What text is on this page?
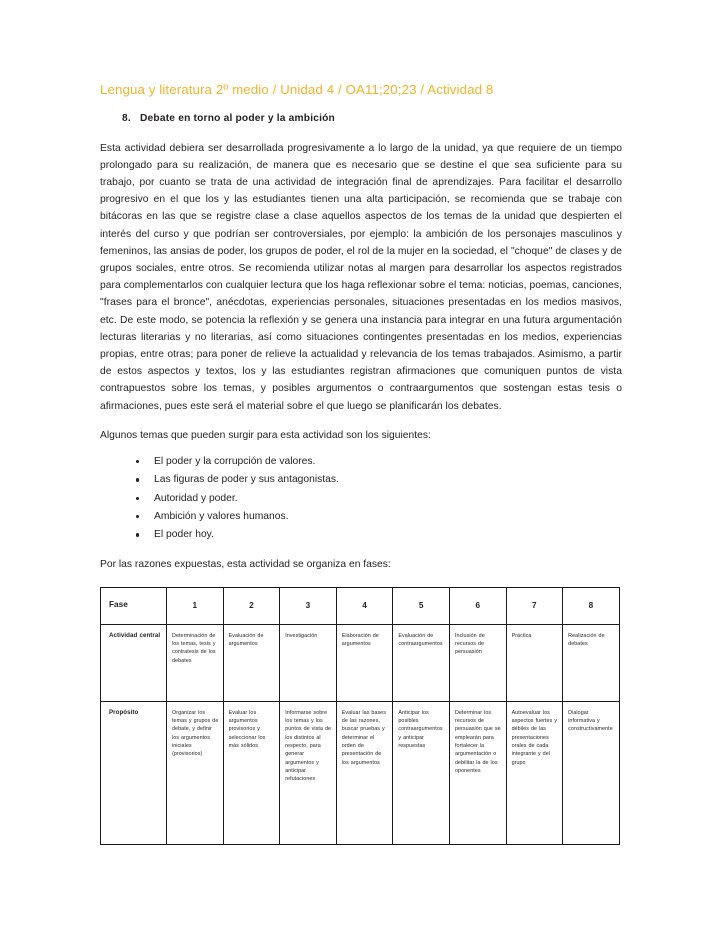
Lengua y literatura 2º medio / Unidad 4 / OA11;20;23 / Actividad 8
8. Debate en torno al poder y la ambición

Esta actividad debiera ser desarrollada progresivamente a lo largo de la unidad, ya que requiere de un tiempo prolongado para su realización, de manera que es necesario que se destine el que sea suficiente para su trabajo, por cuanto se trata de una actividad de integración final de aprendizajes. Para facilitar el desarrollo progresivo en el que los y las estudiantes tienen una alta participación, se recomienda que se trabaje con bitácoras en las que se registre clase a clase aquellos aspectos de los temas de la unidad que despierten el interés del curso y que podrían ser controversiales, por ejemplo: la ambición de los personajes masculinos y femeninos, las ansias de poder, los grupos de poder, el rol de la mujer en la sociedad, el "choque" de clases y de grupos sociales, entre otros. Se recomienda utilizar notas al margen para desarrollar los aspectos registrados para complementarlos con cualquier lectura que los haga reflexionar sobre el tema: noticias, poemas, canciones, "frases para el bronce", anécdotas, experiencias personales, situaciones presentadas en los medios masivos, etc. De este modo, se potencia la reflexión y se genera una instancia para integrar en una futura argumentación lecturas literarias y no literarias, así como situaciones contingentes presentadas en los medios, experiencias propias, entre otras; para poner de relieve la actualidad y relevancia de los temas trabajados. Asimismo, a partir de estos aspectos y textos, los y las estudiantes registran afirmaciones que comuniquen puntos de vista contrapuestos sobre los temas, y posibles argumentos o contraargumentos que sostengan estas tesis o afirmaciones, pues este será el material sobre el que luego se planificarán los debates.

Algunos temas que pueden surgir para esta actividad son los siguientes:

El poder y la corrupción de valores.
Las figuras de poder y sus antagonistas.
Autoridad y poder.
Ambición y valores humanos.
El poder hoy.

Por las razones expuestas, esta actividad se organiza en fases:

Fase	1	2	3	4	5	6	7	8
Actividad central	Determinación de los temas, tesis y contratesis de los debates	Evaluación de argumentos	Investigación	Elaboración de argumentos	Evaluación de contraargumentos	Inclusión de recursos de persuasión	Práctica	Realización de debates
Propósito	Organizar los temas y grupos de debate, y definir los argumentos iniciales (provisorios)	Evaluar los argumentos provisorios y seleccionar los más sólidos	Informarse sobre los temas y los puntos de vista de los distintos al respecto, para generar argumentos y anticipar refutaciones	Evaluar las bases de las razones, buscar pruebas y determinar el orden de presentación de los argumentos	Anticipar los posibles contraargumentos y anticipar respuestas	Determinar los recursos de persuasión que se emplearán para fortalecer la argumentación o debilitar la de los oponentes	Autoevaluar los aspectos fuertes y débiles de las presentaciones orales de cada integrante y del grupo	Dialogar informativa y constructivamente
